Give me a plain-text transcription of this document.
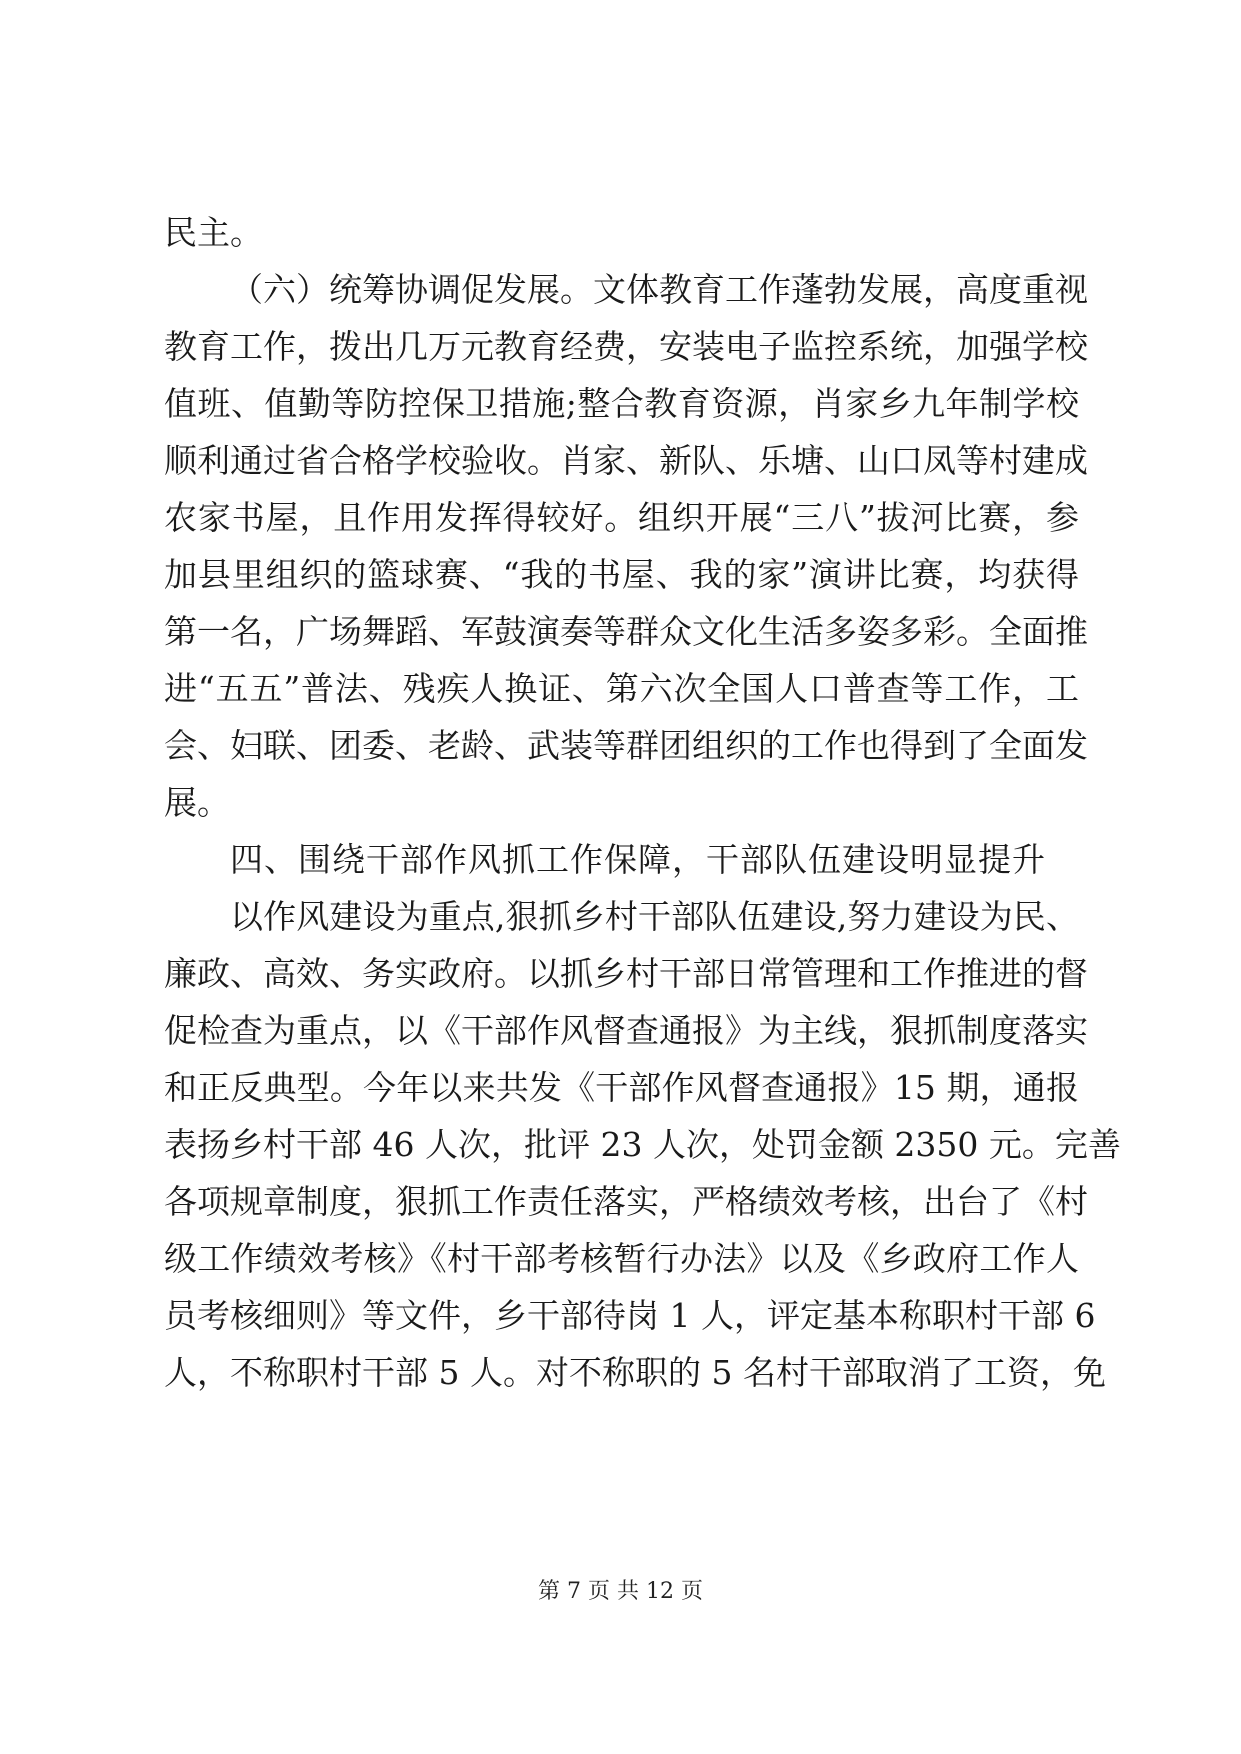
民主。
（六）统筹协调促发展。文体教育工作蓬勃发展，高度重视
教育工作，拨出几万元教育经费，安装电子监控系统，加强学校
值班、值勤等防控保卫措施;整合教育资源，肖家乡九年制学校
顺利通过省合格学校验收。肖家、新队、乐塘、山口凤等村建成
农家书屋，且作用发挥得较好。组织开展“三八”拔河比赛，参
加县里组织的篮球赛、“我的书屋、我的家”演讲比赛，均获得
第一名，广场舞蹈、军鼓演奏等群众文化生活多姿多彩。全面推
进“五五”普法、残疾人换证、第六次全国人口普查等工作，工
会、妇联、团委、老龄、武装等群团组织的工作也得到了全面发
展。
四、围绕干部作风抓工作保障，干部队伍建设明显提升
以作风建设为重点,狠抓乡村干部队伍建设,努力建设为民、
廉政、高效、务实政府。以抓乡村干部日常管理和工作推进的督
促检查为重点，以《干部作风督查通报》为主线，狠抓制度落实
和正反典型。今年以来共发《干部作风督查通报》15 期，通报
表扬乡村干部 46 人次，批评 23 人次，处罚金额 2350 元。完善
各项规章制度，狠抓工作责任落实，严格绩效考核，出台了《村
级工作绩效考核》《村干部考核暂行办法》以及《乡政府工作人
员考核细则》等文件，乡干部待岗 1 人，评定基本称职村干部 6
人，不称职村干部 5 人。对不称职的 5 名村干部取消了工资，免
第 7 页 共 12 页
